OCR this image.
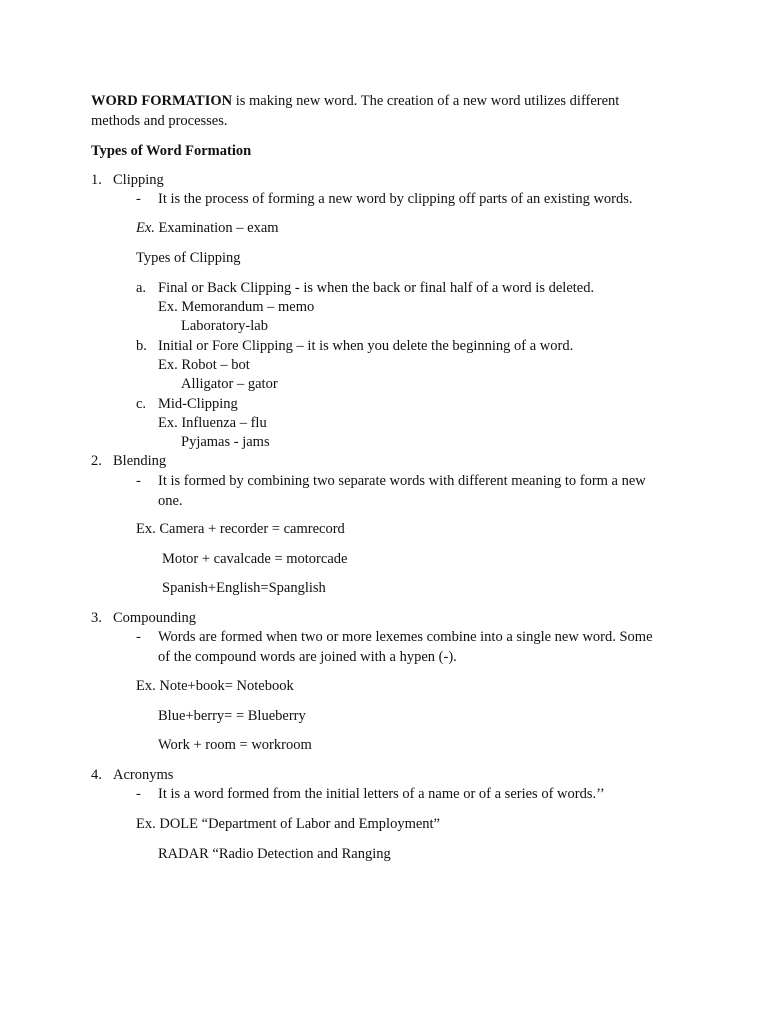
WORD FORMATION is making new word. The creation of a new word utilizes different
methods and processes.
Types of Word Formation
1. Clipping
- It is the process of forming a new word by clipping off parts of an existing words.
Ex. Examination – exam
Types of Clipping
a. Final or Back Clipping - is when the back or final half of a word is deleted.
Ex. Memorandum – memo
Laboratory-lab
b. Initial or Fore Clipping – it is when you delete the beginning of a word.
Ex. Robot – bot
Alligator – gator
c. Mid-Clipping
Ex. Influenza – flu
Pyjamas - jams
2. Blending
- It is formed by combining two separate words with different meaning to form a new
one.
Ex. Camera + recorder = camrecord
Motor + cavalcade = motorcade
Spanish+English=Spanglish
3. Compounding
- Words are formed when two or more lexemes combine into a single new word. Some
of the compound words are joined with a hypen (-).
Ex. Note+book= Notebook
Blue+berry= = Blueberry
Work + room = workroom
4. Acronyms
- It is a word formed from the initial letters of a name or of a series of words.’’
Ex. DOLE “Department of Labor and Employment”
RADAR “Radio Detection and Ranging
